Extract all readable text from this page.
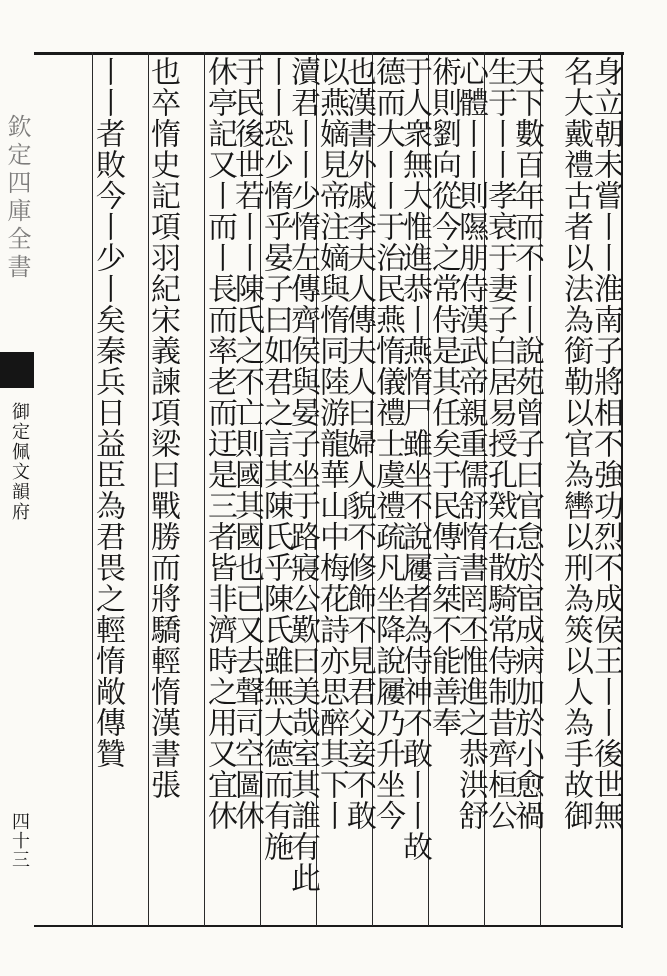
欽定四庫全書
御定佩文韻府
四十三
身立朝未嘗丨丨淮南子將相不強功烈不成侯王丨丨後世無
名大戴禮古者以法為銜勒以官為轡以刑為筴以人為手故御
天下數百年而不丨丨說苑曾子曰官怠於宦成病加於小愈禍
生于丨丨孝衰于妻子白居易授孔戣右散騎常侍制昔齊桓公
心體丨丨則隰朋侍漢武帝親重儒舒惰書罔丕惟進之恭洪舒
術則劉向從今之常侍是其任矣于民傳言桀不能善奉
于人衆無大惟進恭丨燕惰尸雖坐不說屨者為侍神不敢丨丨故
德而大丨丨于治民燕惰儀禮士虞禮疏凡坐降說屨乃升坐今
也漢書外戚李夫人傳夫人曰婦人貌不修飾不見君父妾不敢
以燕嫡見帝注嫡與惰同陸游龍華山中梅花詩亦思醉其下丨
瀆君丨丨少惰左傳齊侯與晏子坐于路寢公歎曰美哉室其誰有此
丨丨恐少惰乎晏子曰如君之言其陳氏乎陳氏雖無大德而有施
于民後世若丨丨陳氏之不亡則國其國也已又去聲司空圖休
休亭記又丨而丨長而率老而迂是三者皆非濟時之用又宜休
也卒惰史記項羽紀宋義諫項梁曰戰勝而將驕輕惰漢書張
丨丨者敗今丨少丨矣秦兵日益臣為君畏之輕惰敞傳贊
